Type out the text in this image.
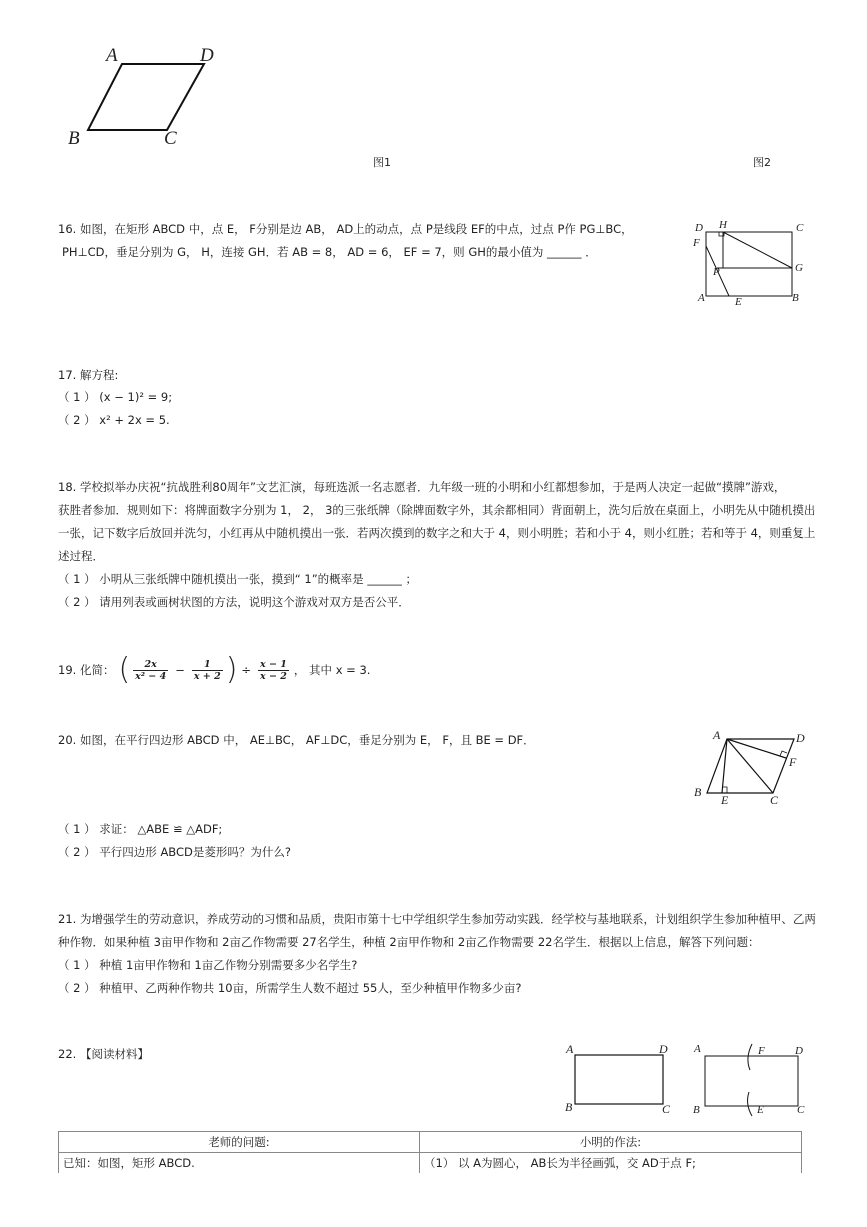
A	D
B	C
图1	图2
16. 如图，在矩形 ABCD 中，点 E， F分别是边 AB， AD上的动点，点 P是线段 EF的中点，过点 P作 PG⊥BC，
PH⊥CD，垂足分别为 G， H，连接 GH．若 AB = 8， AD = 6， EF = 7，则 GH的最小值为 ______ ．
D H	C
F
P	G
A	E	B
17. 解方程:
（ 1 ） (x − 1)² = 9;
（ 2 ） x² + 2x = 5.
18. 学校拟举办庆祝“抗战胜利80周年”文艺汇演，每班选派一名志愿者．九年级一班的小明和小红都想参加，于是两人决定一起做“摸牌”游戏，
获胜者参加．规则如下：将牌面数字分别为 1， 2， 3的三张纸牌（除牌面数字外，其余都相同）背面朝上，洗匀后放在桌面上，小明先从中随机摸出
一张，记下数字后放回并洗匀，小红再从中随机摸出一张．若两次摸到的数字之和大于 4，则小明胜；若和小于 4，则小红胜；若和等于 4，则重复上
述过程．
（ 1 ） 小明从三张纸牌中随机摸出一张，摸到“ 1”的概率是 ______ ；
（ 2 ） 请用列表或画树状图的方法，说明这个游戏对双方是否公平．
19. 化简： ( $\frac{2x}{\text{x² − 4}} - \frac{1}{x + 2}$ ) ÷ $\frac{x - 1}{x - 2}$ ， 其中 x = 3.
20. 如图，在平行四边形 ABCD 中， AE⊥BC， AF⊥DC，垂足分别为 E， F，且 BE = DF．	A	D
F
B
E	C
（ 1 ） 求证： △ABE ≌ △ADF;
（ 2 ） 平行四边形 ABCD是菱形吗？为什么?
21. 为增强学生的劳动意识，养成劳动的习惯和品质，贵阳市第十七中学组织学生参加劳动实践．经学校与基地联系，计划组织学生参加种植甲、乙两
种作物．如果种植 3亩甲作物和 2亩乙作物需要 27名学生，种植 2亩甲作物和 2亩乙作物需要 22名学生．根据以上信息，解答下列问题：
（ 1 ） 种植 1亩甲作物和 1亩乙作物分别需要多少名学生?
（ 2 ） 种植甲、乙两种作物共 10亩，所需学生人数不超过 55人，至少种植甲作物多少亩?
22. 【阅读材料】	A	D
B	C
A	F	D
B	E	C
老师的问题:	小明的作法:
已知：如图，矩形 ABCD.	（1） 以 A为圆心， AB长为半径画弧，交 AD于点 F;
